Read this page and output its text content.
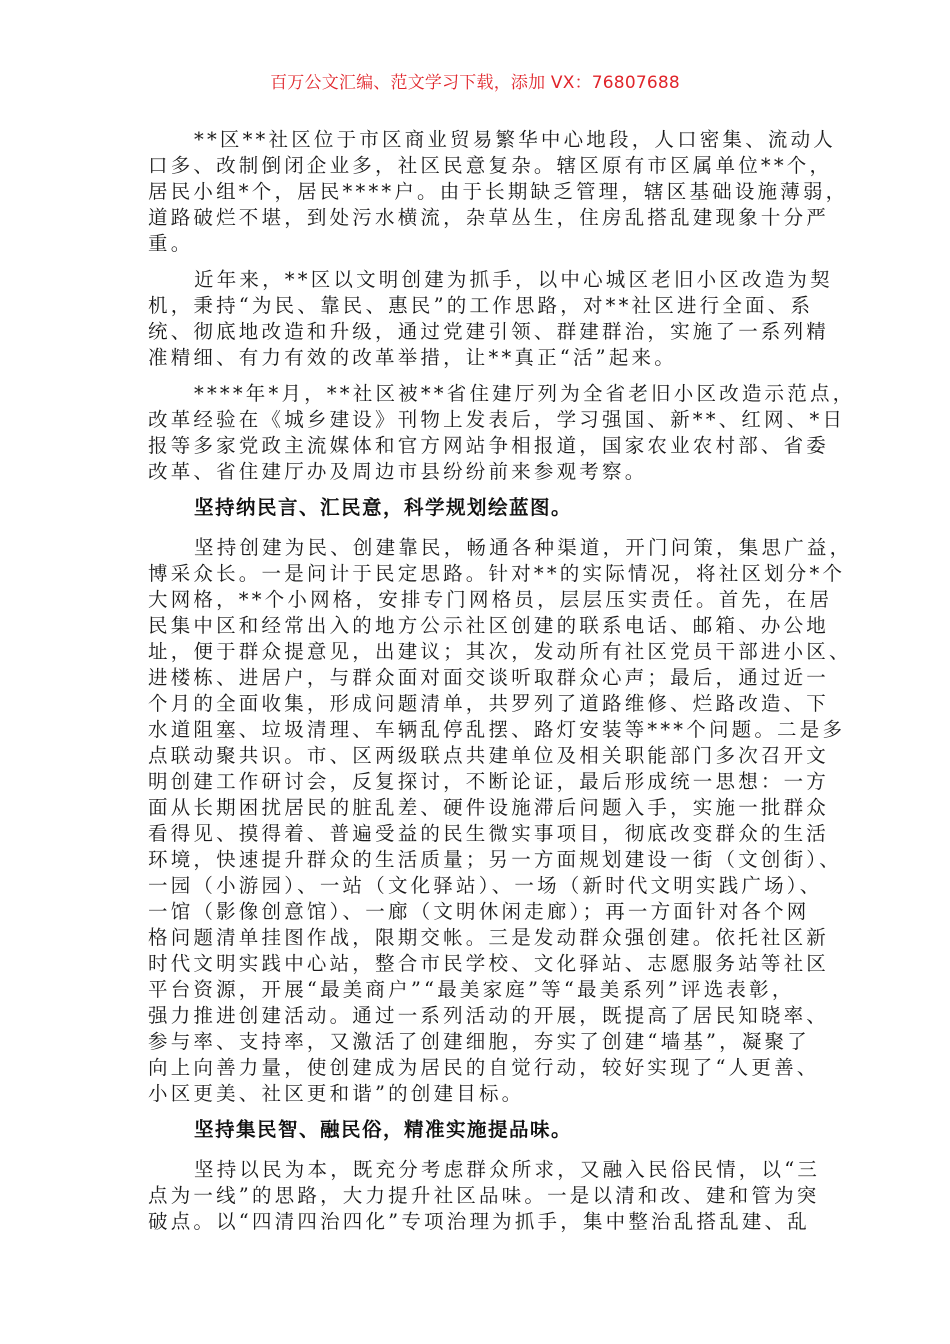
百万公文汇编、范文学习下载，添加 VX：76807688
**区**社区位于市区商业贸易繁华中心地段，人口密集、流动人
口多、改制倒闭企业多，社区民意复杂。辖区原有市区属单位**个，
居民小组*个，居民****户。由于长期缺乏管理，辖区基础设施薄弱，
道路破烂不堪，到处污水横流，杂草丛生，住房乱搭乱建现象十分严
重。
近年来，**区以文明创建为抓手，以中心城区老旧小区改造为契
机，秉持“为民、靠民、惠民”的工作思路，对**社区进行全面、系
统、彻底地改造和升级，通过党建引领、群建群治，实施了一系列精
准精细、有力有效的改革举措，让**真正“活”起来。
****年*月，**社区被**省住建厅列为全省老旧小区改造示范点，
改革经验在《城乡建设》刊物上发表后，学习强国、新**、红网、*日
报等多家党政主流媒体和官方网站争相报道，国家农业农村部、省委
改革、省住建厅办及周边市县纷纷前来参观考察。
坚持纳民言、汇民意，科学规划绘蓝图。
坚持创建为民、创建靠民，畅通各种渠道，开门问策，集思广益，
博采众长。一是问计于民定思路。针对**的实际情况，将社区划分*个
大网格，**个小网格，安排专门网格员，层层压实责任。首先，在居
民集中区和经常出入的地方公示社区创建的联系电话、邮箱、办公地
址，便于群众提意见，出建议；其次，发动所有社区党员干部进小区、
进楼栋、进居户，与群众面对面交谈听取群众心声；最后，通过近一
个月的全面收集，形成问题清单，共罗列了道路维修、烂路改造、下
水道阻塞、垃圾清理、车辆乱停乱摆、路灯安装等***个问题。二是多
点联动聚共识。市、区两级联点共建单位及相关职能部门多次召开文
明创建工作研讨会，反复探讨，不断论证，最后形成统一思想：一方
面从长期困扰居民的脏乱差、硬件设施滞后问题入手，实施一批群众
看得见、摸得着、普遍受益的民生微实事项目，彻底改变群众的生活
环境，快速提升群众的生活质量；另一方面规划建设一街（文创街）、
一园（小游园）、一站（文化驿站）、一场（新时代文明实践广场）、
一馆（影像创意馆）、一廊（文明休闲走廊）；再一方面针对各个网
格问题清单挂图作战，限期交帐。三是发动群众强创建。依托社区新
时代文明实践中心站，整合市民学校、文化驿站、志愿服务站等社区
平台资源，开展“最美商户”“最美家庭”等“最美系列”评选表彰，
强力推进创建活动。通过一系列活动的开展，既提高了居民知晓率、
参与率、支持率，又激活了创建细胞，夯实了创建“墙基”，凝聚了
向上向善力量，使创建成为居民的自觉行动，较好实现了“人更善、
小区更美、社区更和谐”的创建目标。
坚持集民智、融民俗，精准实施提品味。
坚持以民为本，既充分考虑群众所求，又融入民俗民情，以“三
点为一线”的思路，大力提升社区品味。一是以清和改、建和管为突
破点。以“四清四治四化”专项治理为抓手，集中整治乱搭乱建、乱
